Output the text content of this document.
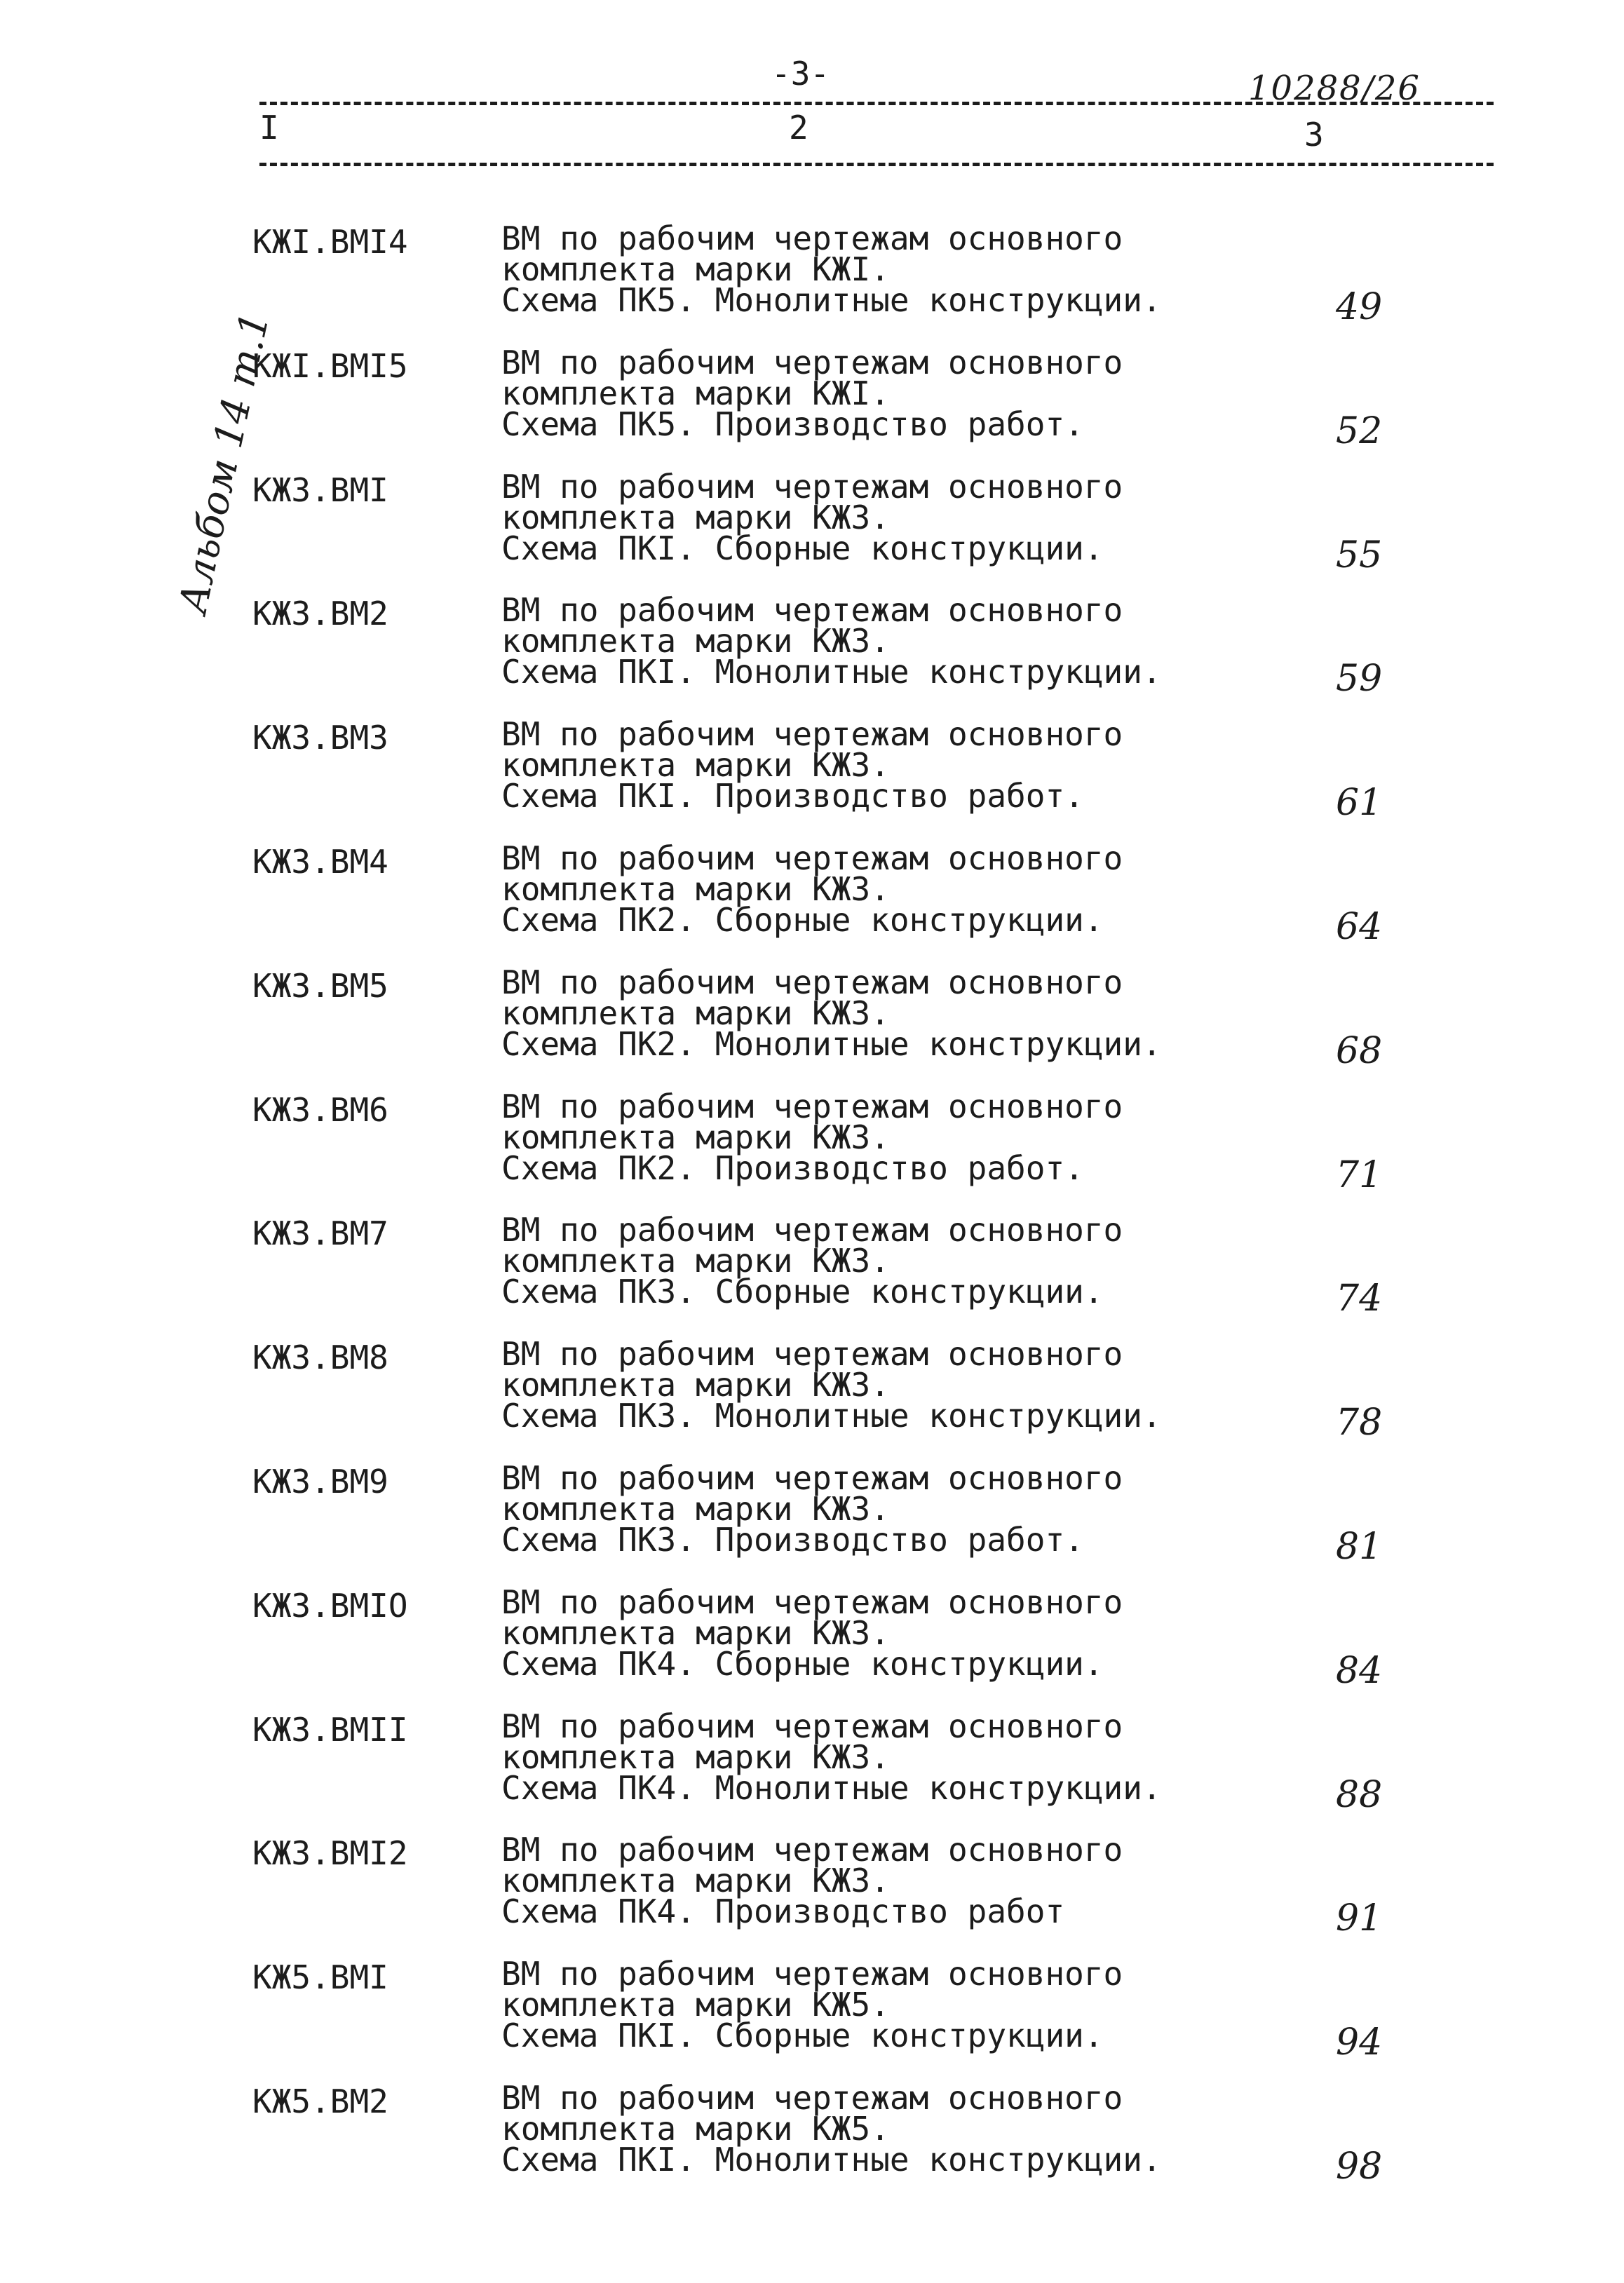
-3-	10288/26
I	2	3
Альбом 14 т.1
КЖI.ВМI4	ВМ по рабочим чертежам основного
комплекта марки КЖI.
Схема ПК5. Монолитные конструкции.	49
КЖI.ВМI5	ВМ по рабочим чертежам основного
комплекта марки КЖI.
Схема ПК5. Производство работ.	52
КЖ3.ВМI	ВМ по рабочим чертежам основного
комплекта марки КЖ3.
Схема ПКI. Сборные конструкции.	55
КЖ3.ВМ2	ВМ по рабочим чертежам основного
комплекта марки КЖ3.
Схема ПКI. Монолитные конструкции.	59
КЖ3.ВМ3	ВМ по рабочим чертежам основного
комплекта марки КЖ3.
Схема ПКI. Производство работ.	61
КЖ3.ВМ4	ВМ по рабочим чертежам основного
комплекта марки КЖ3.
Схема ПК2. Сборные конструкции.	64
КЖ3.ВМ5	ВМ по рабочим чертежам основного
комплекта марки КЖ3.
Схема ПК2. Монолитные конструкции.	68
КЖ3.ВМ6	ВМ по рабочим чертежам основного
комплекта марки КЖ3.
Схема ПК2. Производство работ.	71
КЖ3.ВМ7	ВМ по рабочим чертежам основного
комплекта марки КЖ3.
Схема ПК3. Сборные конструкции.	74
КЖ3.ВМ8	ВМ по рабочим чертежам основного
комплекта марки КЖ3.
Схема ПК3. Монолитные конструкции.	78
КЖ3.ВМ9	ВМ по рабочим чертежам основного
комплекта марки КЖ3.
Схема ПК3. Производство работ.	81
КЖ3.ВМIO	ВМ по рабочим чертежам основного
комплекта марки КЖ3.
Схема ПК4. Сборные конструкции.	84
КЖ3.ВМII	ВМ по рабочим чертежам основного
комплекта марки КЖ3.
Схема ПК4. Монолитные конструкции.	88
КЖ3.ВМI2	ВМ по рабочим чертежам основного
комплекта марки КЖ3.
Схема ПК4. Производство работ	91
КЖ5.ВМI	ВМ по рабочим чертежам основного
комплекта марки КЖ5.
Схема ПКI. Сборные конструкции.	94
КЖ5.ВМ2	ВМ по рабочим чертежам основного
комплекта марки КЖ5.
Схема ПКI. Монолитные конструкции.	98
